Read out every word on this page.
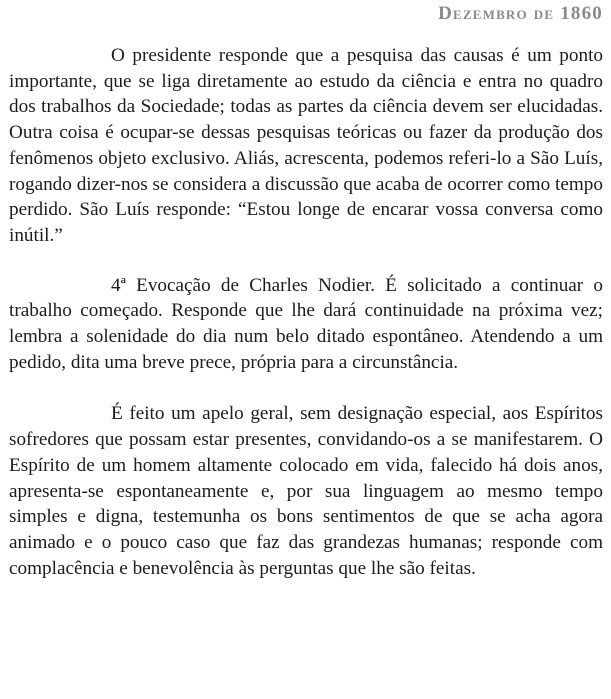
Dezembro de 1860

O presidente responde que a pesquisa das causas é um ponto importante, que se liga diretamente ao estudo da ciência e entra no quadro dos trabalhos da Sociedade; todas as partes da ciência devem ser elucidadas. Outra coisa é ocupar-se dessas pesquisas teóricas ou fazer da produção dos fenômenos objeto exclusivo. Aliás, acrescenta, podemos referi-lo a São Luís, rogando dizer-nos se considera a discussão que acaba de ocorrer como tempo perdido. São Luís responde: “Estou longe de encarar vossa conversa como inútil.”

4ª Evocação de Charles Nodier. É solicitado a continuar o trabalho começado. Responde que lhe dará continuidade na próxima vez; lembra a solenidade do dia num belo ditado espontâneo. Atendendo a um pedido, dita uma breve prece, própria para a circunstância.

É feito um apelo geral, sem designação especial, aos Espíritos sofredores que possam estar presentes, convidando-os a se manifestarem. O Espírito de um homem altamente colocado em vida, falecido há dois anos, apresenta-se espontaneamente e, por sua linguagem ao mesmo tempo simples e digna, testemunha os bons sentimentos de que se acha agora animado e o pouco caso que faz das grandezas humanas; responde com complacência e benevolência às perguntas que lhe são feitas.
